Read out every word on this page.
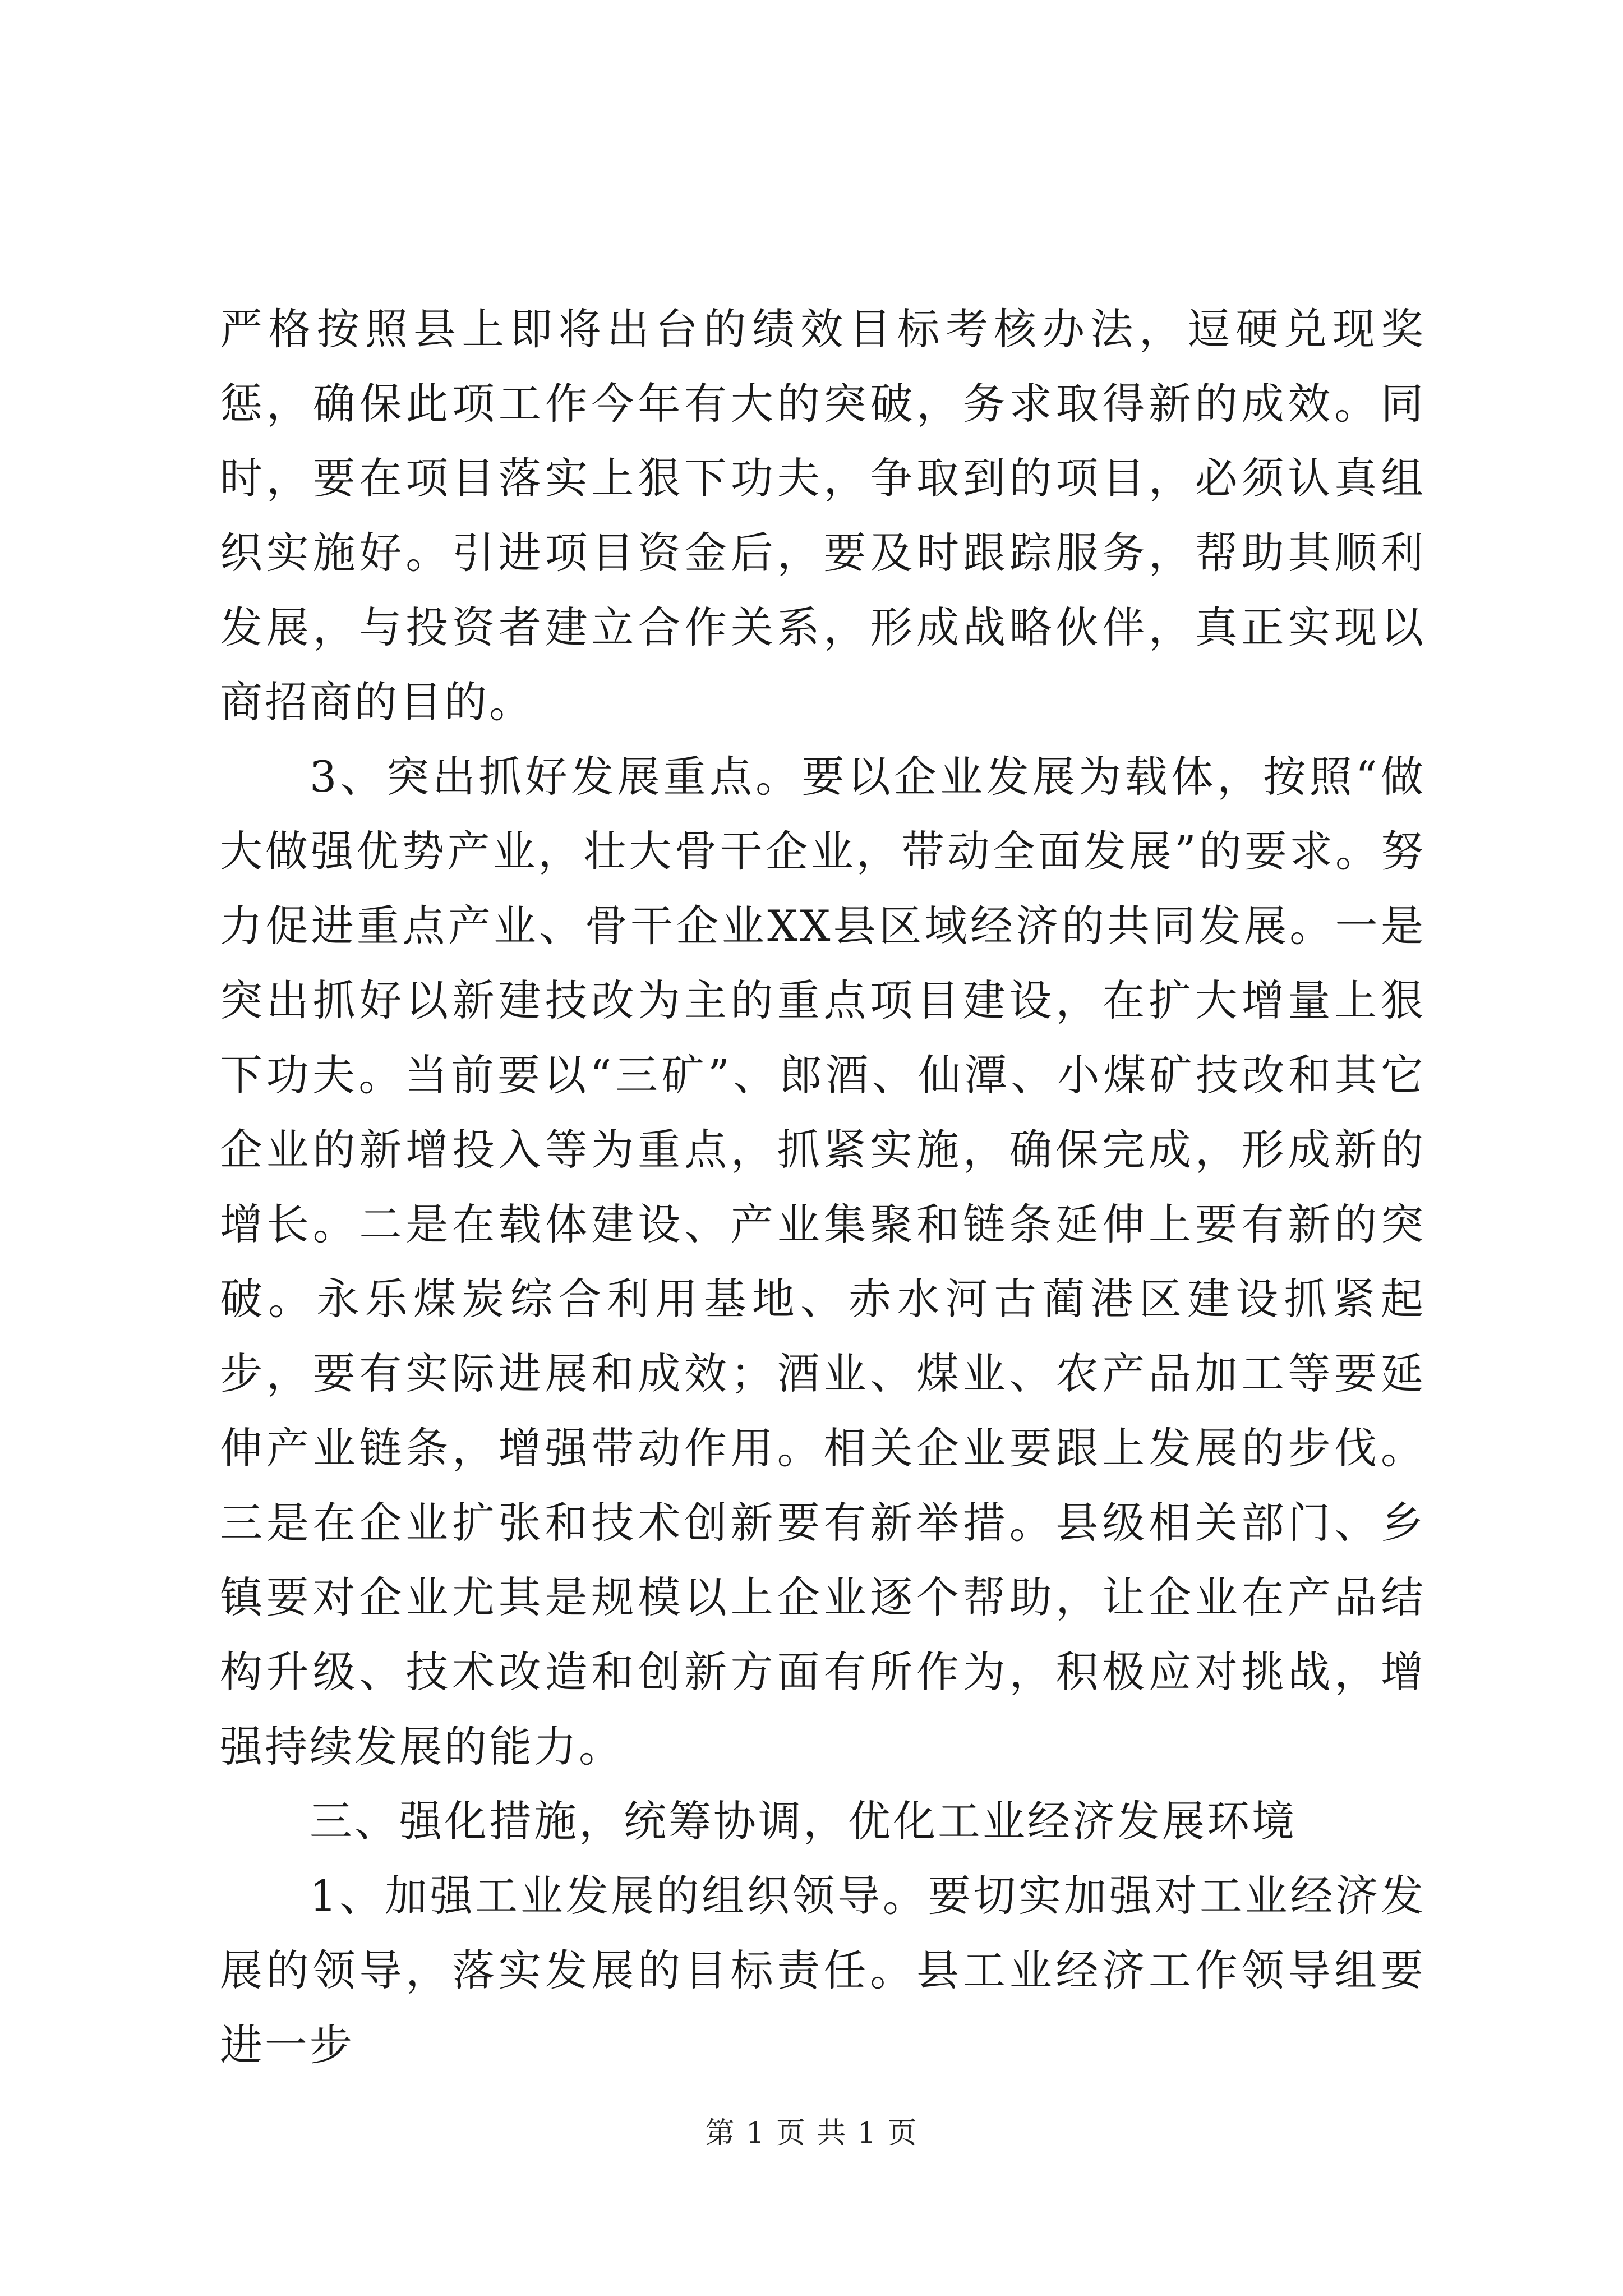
严格按照县上即将出台的绩效目标考核办法，逗硬兑现奖惩，确保此项工作今年有大的突破，务求取得新的成效。同时，要在项目落实上狠下功夫，争取到的项目，必须认真组织实施好。引进项目资金后，要及时跟踪服务，帮助其顺利发展，与投资者建立合作关系，形成战略伙伴，真正实现以商招商的目的。

3、突出抓好发展重点。要以企业发展为载体，按照“做大做强优势产业，壮大骨干企业，带动全面发展”的要求。努力促进重点产业、骨干企业XX县区域经济的共同发展。一是突出抓好以新建技改为主的重点项目建设，在扩大增量上狠下功夫。当前要以“三矿”、郎酒、仙潭、小煤矿技改和其它企业的新增投入等为重点，抓紧实施，确保完成，形成新的增长。二是在载体建设、产业集聚和链条延伸上要有新的突破。永乐煤炭综合利用基地、赤水河古蔺港区建设抓紧起步，要有实际进展和成效；酒业、煤业、农产品加工等要延伸产业链条，增强带动作用。相关企业要跟上发展的步伐。三是在企业扩张和技术创新要有新举措。县级相关部门、乡镇要对企业尤其是规模以上企业逐个帮助，让企业在产品结构升级、技术改造和创新方面有所作为，积极应对挑战，增强持续发展的能力。

三、强化措施，统筹协调，优化工业经济发展环境

1、加强工业发展的组织领导。要切实加强对工业经济发展的领导，落实发展的目标责任。县工业经济工作领导组要进一步

第 1 页 共 1 页
